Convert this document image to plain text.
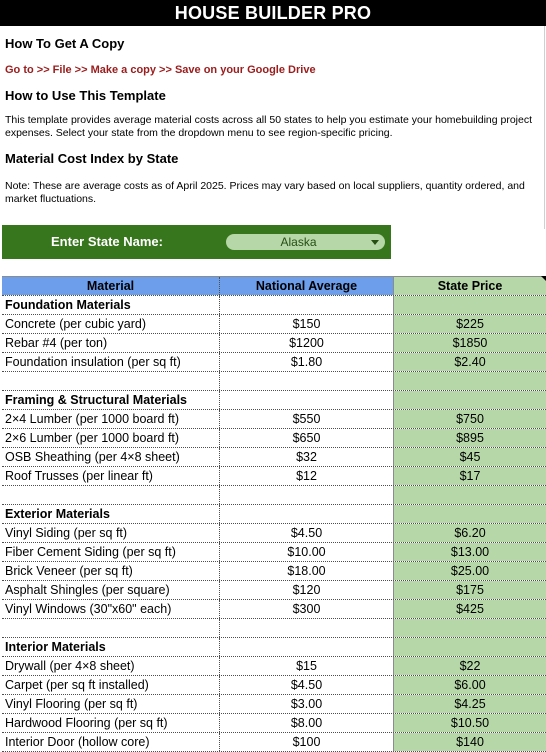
HOUSE BUILDER PRO
How To Get A Copy
Go to >> File >> Make a copy >> Save on your Google Drive
How to Use This Template
This template provides average material costs across all 50 states to help you estimate your homebuilding project expenses. Select your state from the dropdown menu to see region-specific pricing.
Material Cost Index by State
Note: These are average costs as of April 2025. Prices may vary based on local suppliers, quantity ordered, and market fluctuations.
Enter State Name:	Alaska
Material	National Average	State Price
Foundation Materials
Concrete (per cubic yard)	$150	$225
Rebar #4 (per ton)	$1200	$1850
Foundation insulation (per sq ft)	$1.80	$2.40
Framing & Structural Materials
2×4 Lumber (per 1000 board ft)	$550	$750
2×6 Lumber (per 1000 board ft)	$650	$895
OSB Sheathing (per 4×8 sheet)	$32	$45
Roof Trusses (per linear ft)	$12	$17
Exterior Materials
Vinyl Siding (per sq ft)	$4.50	$6.20
Fiber Cement Siding (per sq ft)	$10.00	$13.00
Brick Veneer (per sq ft)	$18.00	$25.00
Asphalt Shingles (per square)	$120	$175
Vinyl Windows (30"x60" each)	$300	$425
Interior Materials
Drywall (per 4×8 sheet)	$15	$22
Carpet (per sq ft installed)	$4.50	$6.00
Vinyl Flooring (per sq ft)	$3.00	$4.25
Hardwood Flooring (per sq ft)	$8.00	$10.50
Interior Door (hollow core)	$100	$140
